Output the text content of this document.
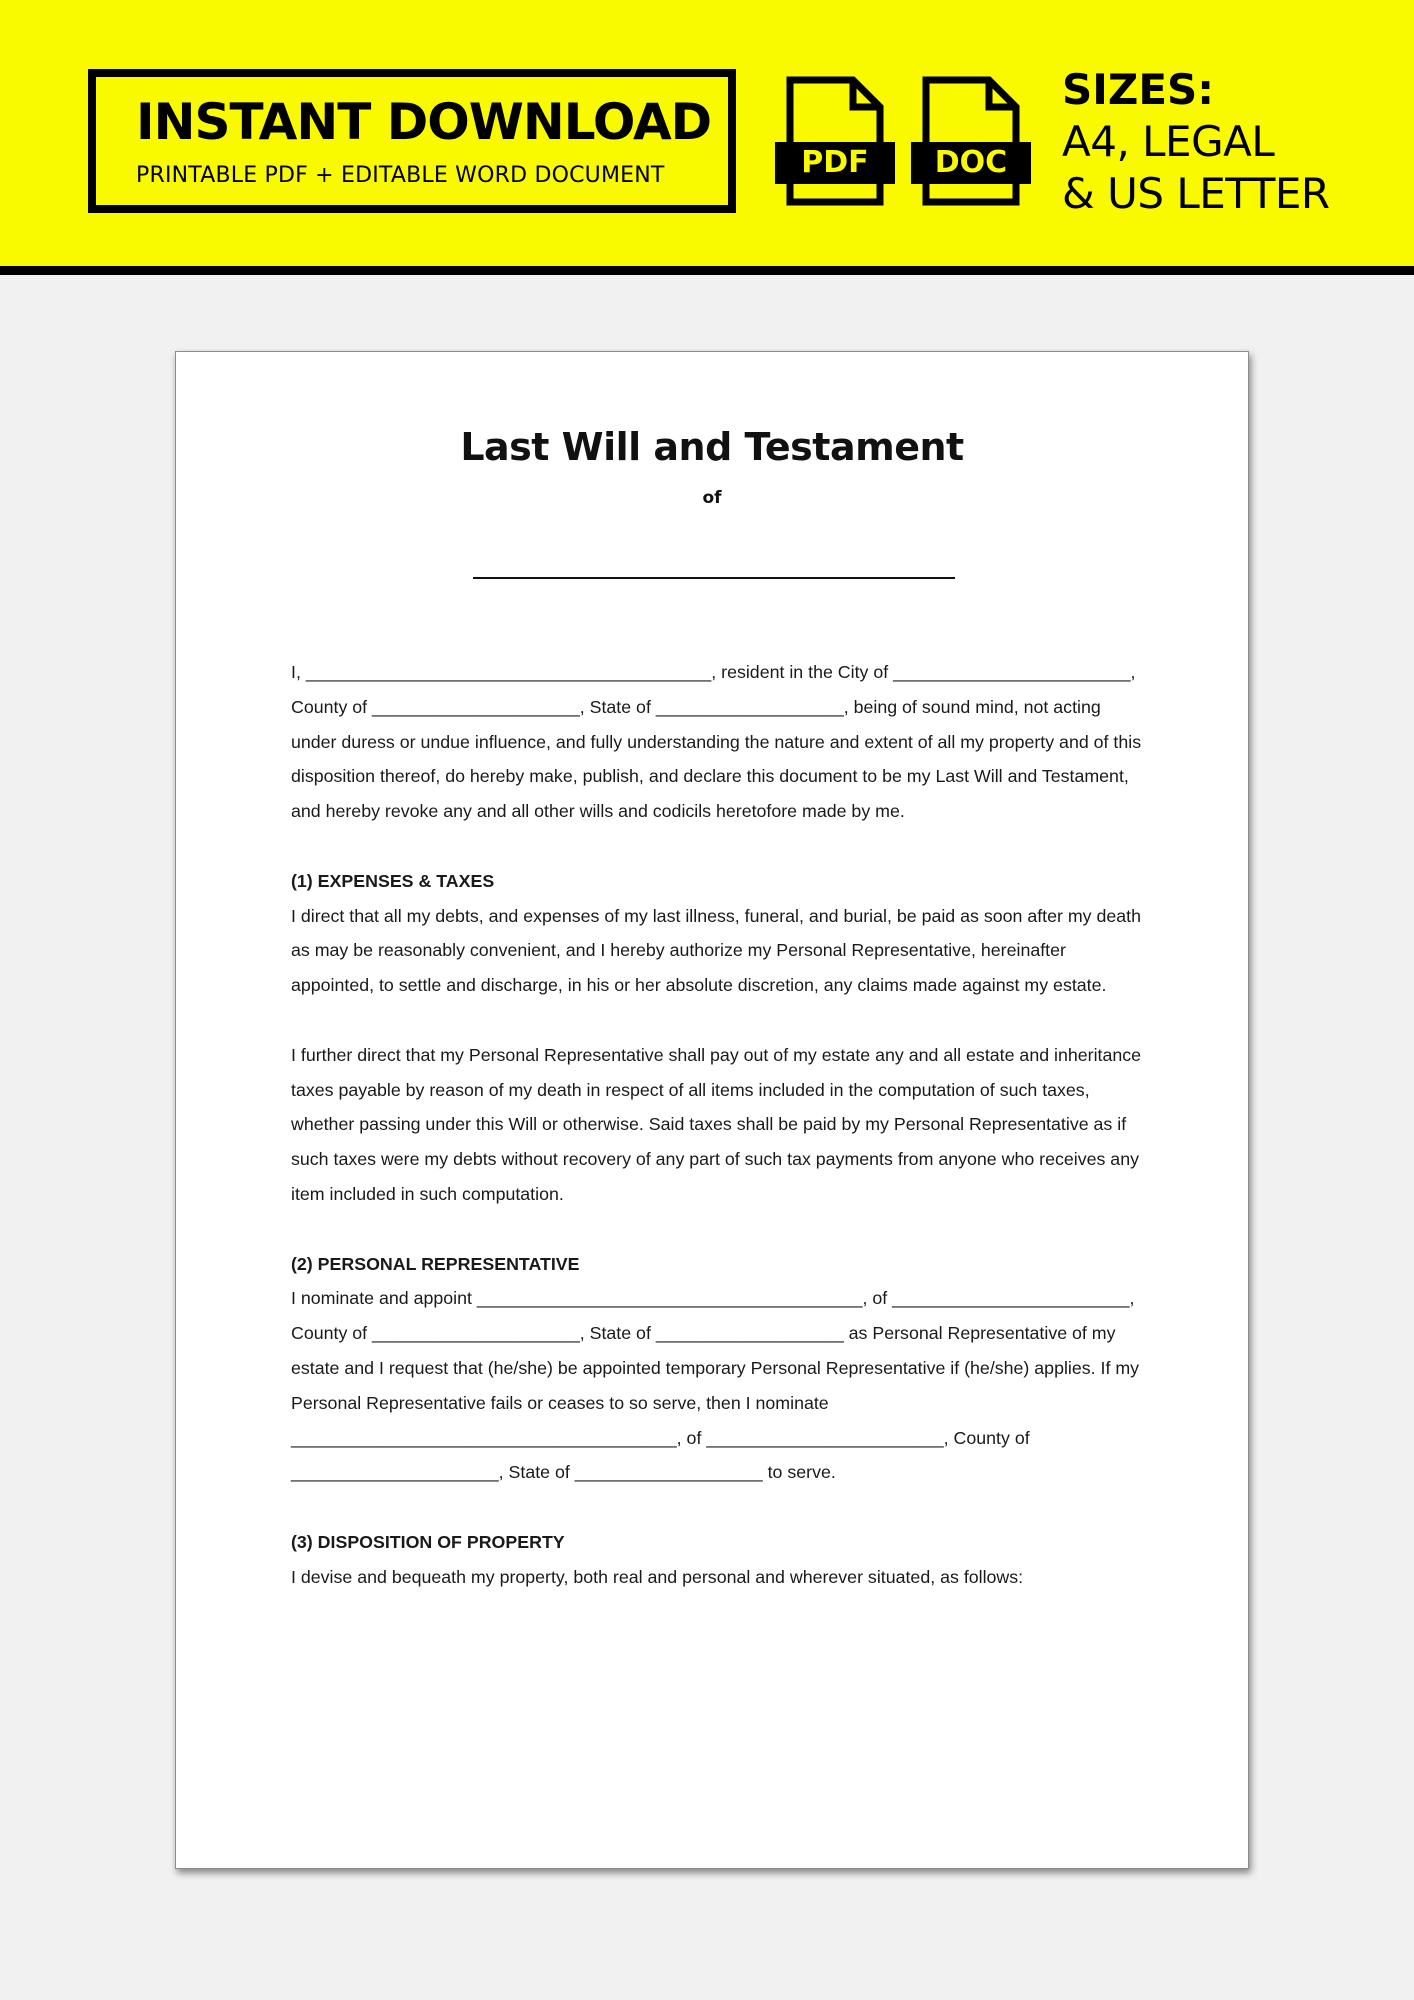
INSTANT DOWNLOAD
PRINTABLE PDF + EDITABLE WORD DOCUMENT	PDF	DOC
SIZES:
A4, LEGAL
& US LETTER
Last Will and Testament
of

I, _________________________________________, resident in the City of ________________________, County of _____________________, State of ___________________, being of sound mind, not acting under duress or undue influence, and fully understanding the nature and extent of all my property and of this disposition thereof, do hereby make, publish, and declare this document to be my Last Will and Testament, and hereby revoke any and all other wills and codicils heretofore made by me.

(1) EXPENSES & TAXES
I direct that all my debts, and expenses of my last illness, funeral, and burial, be paid as soon after my death as may be reasonably convenient, and I hereby authorize my Personal Representative, hereinafter appointed, to settle and discharge, in his or her absolute discretion, any claims made against my estate.

I further direct that my Personal Representative shall pay out of my estate any and all estate and inheritance taxes payable by reason of my death in respect of all items included in the computation of such taxes, whether passing under this Will or otherwise. Said taxes shall be paid by my Personal Representative as if such taxes were my debts without recovery of any part of such tax payments from anyone who receives any item included in such computation.

(2) PERSONAL REPRESENTATIVE
I nominate and appoint _______________________________________, of ________________________, County of _____________________, State of ___________________ as Personal Representative of my estate and I request that (he/she) be appointed temporary Personal Representative if (he/she) applies. If my Personal Representative fails or ceases to so serve, then I nominate _______________________________________, of ________________________, County of _____________________, State of ___________________ to serve.

(3) DISPOSITION OF PROPERTY
I devise and bequeath my property, both real and personal and wherever situated, as follows:
